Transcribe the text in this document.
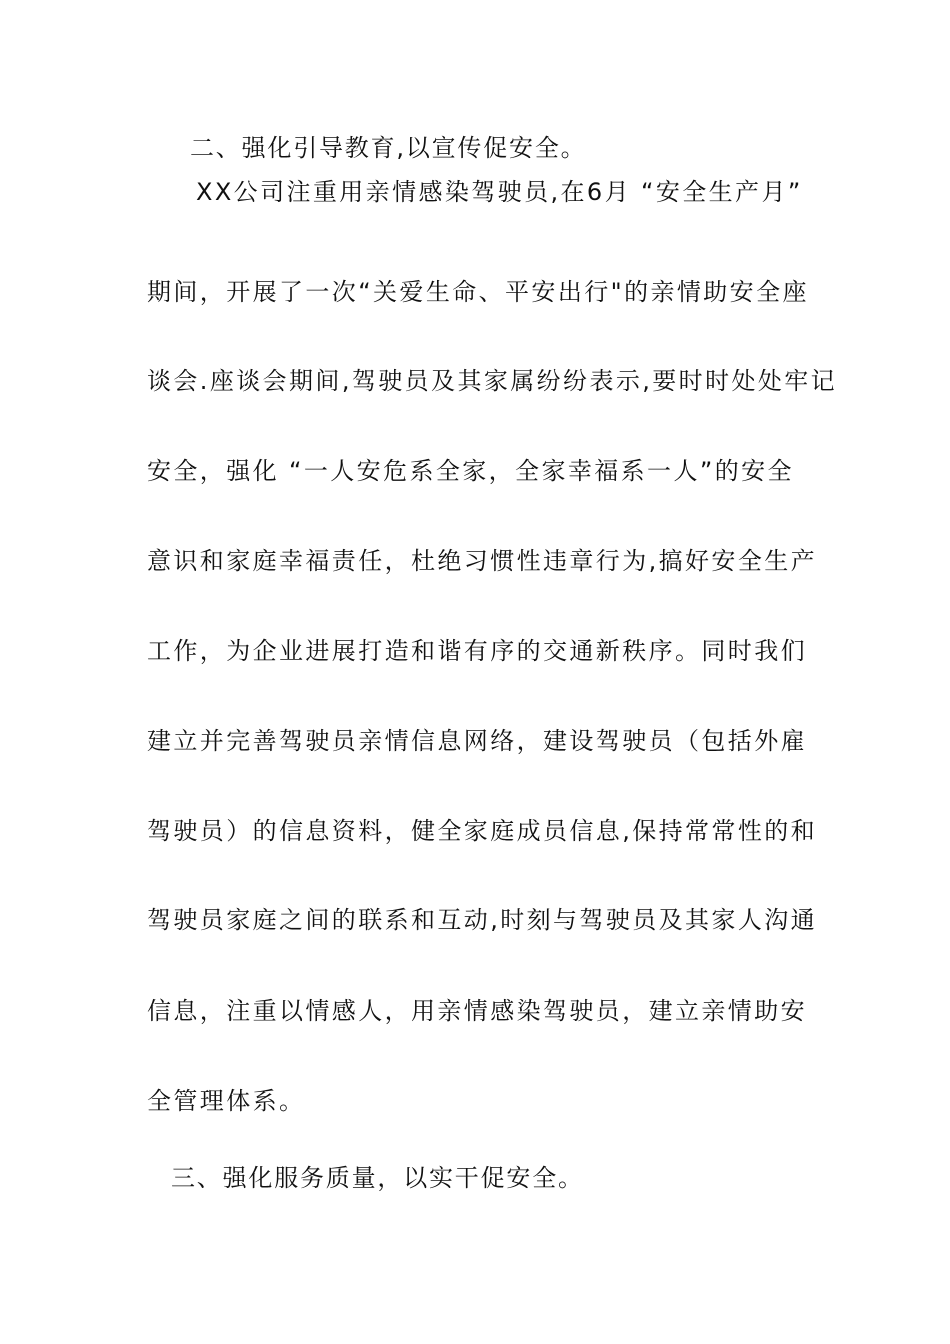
二、强化引导教育,以宣传促安全。
XX公司注重用亲情感染驾驶员,在6月 “安全生产月”
期间，开展了一次“关爱生命、平安出行"的亲情助安全座
谈会.座谈会期间,驾驶员及其家属纷纷表示,要时时处处牢记
安全，强化 “一人安危系全家，全家幸福系一人”的安全
意识和家庭幸福责任，杜绝习惯性违章行为,搞好安全生产
工作，为企业进展打造和谐有序的交通新秩序。同时我们
建立并完善驾驶员亲情信息网络，建设驾驶员（包括外雇
驾驶员）的信息资料，健全家庭成员信息,保持常常性的和
驾驶员家庭之间的联系和互动,时刻与驾驶员及其家人沟通
信息，注重以情感人，用亲情感染驾驶员，建立亲情助安
全管理体系。
三、强化服务质量，以实干促安全。
